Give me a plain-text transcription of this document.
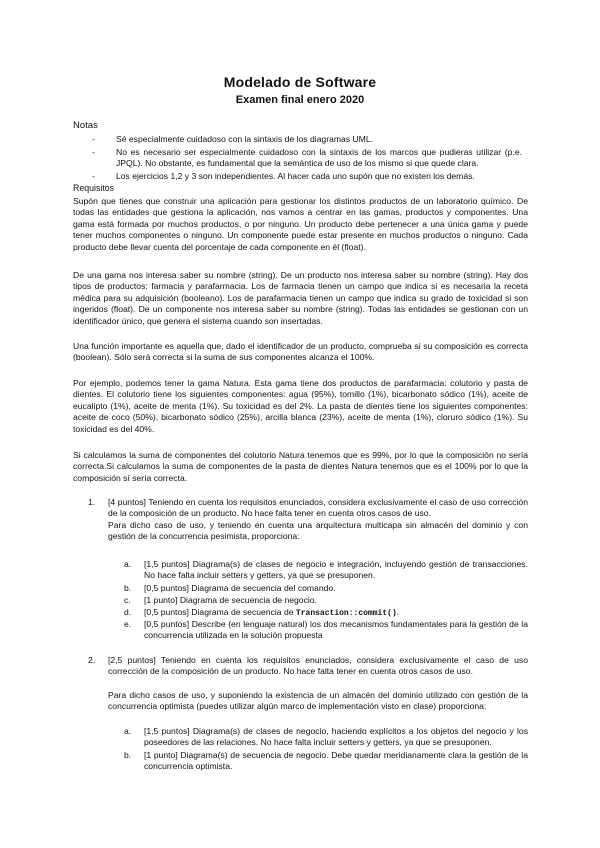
Modelado de Software
Examen final enero 2020
Notas
- Sé especialmente cuidadoso con la sintaxis de los diagramas UML.
- No es necesario ser especialmente cuidadoso con la sintaxis de los marcos que pudieras utilizar (p.e. JPQL). No obstante, es fundamental que la semántica de uso de los mismo si que quede clara.
- Los ejercicios 1,2 y 3 son independientes. Al hacer cada uno supón que no existen los demás.
Requisitos
Supón que tienes que construir una aplicación para gestionar los distintos productos de un laboratorio químico. De todas las entidades que gestiona la aplicación, nos vamos a centrar en las gamas, productos y componentes. Una gama está formada por muchos productos, o por ninguno. Un producto debe pertenecer a una única gama y puede tener muchos componentes o ninguno. Un componente puede estar presente en muchos productos o ninguno. Cada producto debe llevar cuenta del porcentaje de cada componente en él (float).
De una gama nos interesa saber su nombre (string). De un producto nos interesa saber su nombre (string). Hay dos tipos de productos: farmacia y parafarmacia. Los de farmacia tienen un campo que indica si es necesaria la receta médica para su adquisición (booleano). Los de parafarmacia tienen un campo que indica su grado de toxicidad si son ingeridos (float). De un componente nos interesa saber su nombre (string). Todas las entidades se gestionan con un identificador único, que genera el sistema cuando son insertadas.
Una función importante es aquella que, dado el identificador de un producto, comprueba si su composición es correcta (boolean). Sólo será correcta si la suma de sus componentes alcanza el 100%.
Por ejemplo, podemos tener la gama Natura. Esta gama tiene dos productos de parafarmacia: colutorio y pasta de dientes. El colutorio tiene los siguientes componentes: agua (95%), tomillo (1%), bicarbonato sódico (1%), aceite de eucalipto (1%), aceite de menta (1%). Su toxicidad es del 2%. La pasta de dientes tiene los siguientes componentes: aceite de coco (50%), bicarbonato sódico (25%), arcilla blanca (23%), aceite de menta (1%), cloruro sódico (1%). Su toxicidad es del 40%.
Si calculamos la suma de componentes del colutorio Natura tenemos que es 99%, por lo que la composición no sería correcta.Si calculamos la suma de componentes de la pasta de dientes Natura tenemos que es el 100% por lo que la composición sí sería correcta.
1. [4 puntos] Teniendo en cuenta los requisitos enunciados, considera exclusivamente el caso de uso corrección de la composición de un producto. No hace falta tener en cuenta otros casos de uso.
Para dicho caso de uso, y teniendo en cuenta una arquitectura multicapa sin almacén del dominio y con gestión de la concurrencia pesimista, proporciona:
a. [1,5 puntos] Diagrama(s) de clases de negocio e integración, incluyendo gestión de transacciones. No hace falta incluir setters y getters, ya que se presuponen.
b. [0,5 puntos] Diagrama de secuencia del comando.
c. [1 punto] Diagrama de secuencia de negocio.
d. [0,5 puntos] Diagrama de secuencia de Transaction::commit().
e. [0,5 puntos] Describe (en lenguaje natural) los dos mecanismos fundamentales para la gestión de la concurrencia utilizada en la solución propuesta
2. [2,5 puntos] Teniendo en cuenta los requisitos enunciados, considera exclusivamente el caso de uso corrección de la composición de un producto. No hace falta tener en cuenta otros casos de uso.
Para dicho casos de uso, y suponiendo la existencia de un almacén del dominio utilizado con gestión de la concurrencia optimista (puedes utilizar algún marco de implementación visto en clase) proporciona:
a. [1,5 puntos] Diagrama(s) de clases de negocio, haciendo explícitos a los objetos del negocio y los poseedores de las relaciones. No hace falta incluir setters y getters, ya que se presuponen.
b. [1 punto] Diagrama(s) de secuencia de negocio. Debe quedar meridianamente clara la gestión de la concurrencia optimista.
